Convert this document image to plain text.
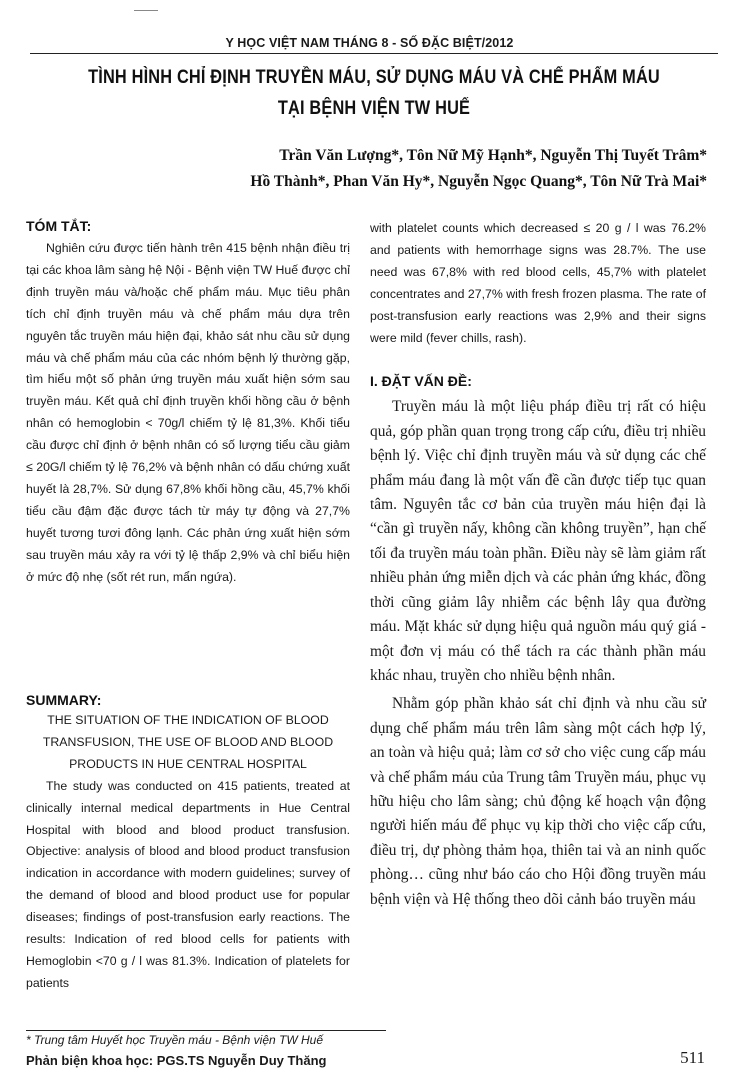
Y HỌC VIỆT NAM THÁNG 8 - SỐ ĐẶC BIỆT/2012
TÌNH HÌNH CHỈ ĐỊNH TRUYỀN MÁU, SỬ DỤNG MÁU VÀ CHẾ PHẨM MÁU
TẠI BỆNH VIỆN TW HUẾ
Trần Văn Lượng*, Tôn Nữ Mỹ Hạnh*, Nguyễn Thị Tuyết Trâm*
Hồ Thành*, Phan Văn Hy*, Nguyễn Ngọc Quang*, Tôn Nữ Trà Mai*
TÓM TẮT:

Nghiên cứu được tiến hành trên 415 bệnh nhận điều trị tại các khoa lâm sàng hệ Nội - Bệnh viện TW Huế được chỉ định truyền máu và/hoặc chế phẩm máu. Mục tiêu phân tích chỉ định truyền máu và chế phẩm máu dựa trên nguyên tắc truyền máu hiện đại, khảo sát nhu cầu sử dụng máu và chế phẩm máu của các nhóm bệnh lý thường gặp, tìm hiểu một số phản ứng truyền máu xuất hiện sớm sau truyền máu. Kết quả chỉ định truyền khối hồng cầu ở bệnh nhân có hemoglobin < 70g/l chiếm tỷ lệ 81,3%. Khối tiểu cầu được chỉ định ở bệnh nhân có số lượng tiểu cầu giảm ≤ 20G/l chiếm tỷ lệ 76,2% và bệnh nhân có dấu chứng xuất huyết là 28,7%. Sử dụng 67,8% khối hồng cầu, 45,7% khối tiểu cầu đậm đặc được tách từ máy tự động và 27,7% huyết tương tươi đông lạnh. Các phản ứng xuất hiện sớm sau truyền máu xảy ra với tỷ lệ thấp 2,9% và chỉ biểu hiện ở mức độ nhẹ (sốt rét run, mẩn ngứa).

SUMMARY:

THE SITUATION OF THE INDICATION OF BLOOD

TRANSFUSION, THE USE OF BLOOD AND BLOOD

PRODUCTS IN HUE CENTRAL HOSPITAL

The study was conducted on 415 patients, treated at clinically internal medical departments in Hue Central Hospital with blood and blood product transfusion. Objective: analysis of blood and blood product transfusion indication in accordance with modern guidelines; survey of the demand of blood and blood product use for popular diseases; findings of post-transfusion early reactions. The results: Indication of red blood cells for patients with Hemoglobin <70 g / l was 81.3%. Indication of platelets for patients

with platelet counts which decreased ≤ 20 g / l was 76.2% and patients with hemorrhage signs was 28.7%. The use need was 67,8% with red blood cells, 45,7% with platelet concentrates and 27,7% with fresh frozen plasma. The rate of post-transfusion early reactions was 2,9% and their signs were mild (fever chills, rash).

I. ĐẶT VẤN ĐỀ:

Truyền máu là một liệu pháp điều trị rất có hiệu quả, góp phần quan trọng trong cấp cứu, điều trị nhiều bệnh lý. Việc chỉ định truyền máu và sử dụng các chế phẩm máu đang là một vấn đề cần được tiếp tục quan tâm. Nguyên tắc cơ bản của truyền máu hiện đại là “cần gì truyền nấy, không cần không truyền”, hạn chế tối đa truyền máu toàn phần. Điều này sẽ làm giảm rất nhiều phản ứng miễn dịch và các phản ứng khác, đồng thời cũng giảm lây nhiễm các bệnh lây qua đường máu. Mặt khác sử dụng hiệu quả nguồn máu quý giá - một đơn vị máu có thể tách ra các thành phần máu khác nhau, truyền cho nhiều bệnh nhân.

Nhằm góp phần khảo sát chỉ định và nhu cầu sử dụng chế phẩm máu trên lâm sàng một cách hợp lý, an toàn và hiệu quả; làm cơ sở cho việc cung cấp máu và chế phẩm máu của Trung tâm Truyền máu, phục vụ hữu hiệu cho lâm sàng; chủ động kế hoạch vận động người hiến máu để phục vụ kịp thời cho việc cấp cứu, điều trị, dự phòng thảm họa, thiên tai và an ninh quốc phòng… cũng như báo cáo cho Hội đồng truyền máu bệnh viện và Hệ thống theo dõi cảnh báo truyền máu

* Trung tâm Huyết học Truyền máu - Bệnh viện TW Huế
Phản biện khoa học: PGS.TS Nguyễn Duy Thăng	511
